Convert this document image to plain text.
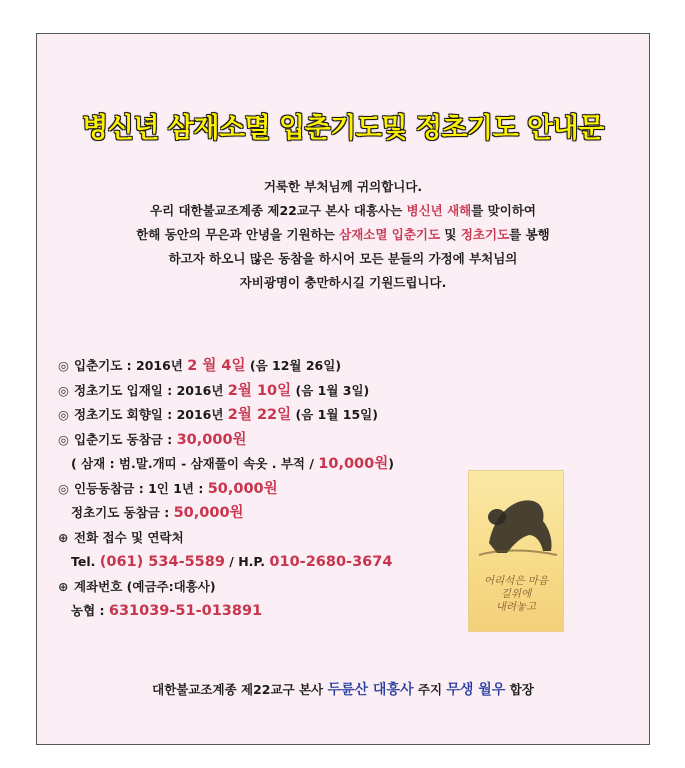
병신년 삼재소멸 입춘기도및 정초기도 안내문
거룩한 부처님께 귀의합니다.
우리 대한불교조계종 제22교구 본사 대흥사는 병신년 새해를 맞이하여
한해 동안의 무은과 안녕을 기원하는 삼재소멸 입춘기도 및 정초기도를 봉행
하고자 하오니 많은 동참을 하시어 모든 분들의 가정에 부처님의
자비광명이 충만하시길 기원드립니다.
◎ 입춘기도 : 2016년 2 월 4일 (음 12월 26일)
◎ 정초기도 입재일 : 2016년 2월 10일 (음 1월 3일)
◎ 정초기도 회향일 : 2016년 2월 22일 (음 1월 15일)
◎ 입춘기도 동참금 : 30,000원
( 삼재 : 범.말.개띠 - 삼재풀이 속옷 . 부적 / 10,000원)
◎ 인등동참금 : 1인 1년 : 50,000원
정초기도 동참금 : 50,000원
⊕ 전화 접수 및 연락처
Tel. (061) 534-5589 / H.P. 010-2680-3674
⊕ 계좌번호 (예금주:대흥사)
농협 : 631039-51-013891
어리석은 마음
길위에
내려놓고
대한불교조계종 제22교구 본사 두륜산 대흥사 주지 무생 월우 합장
